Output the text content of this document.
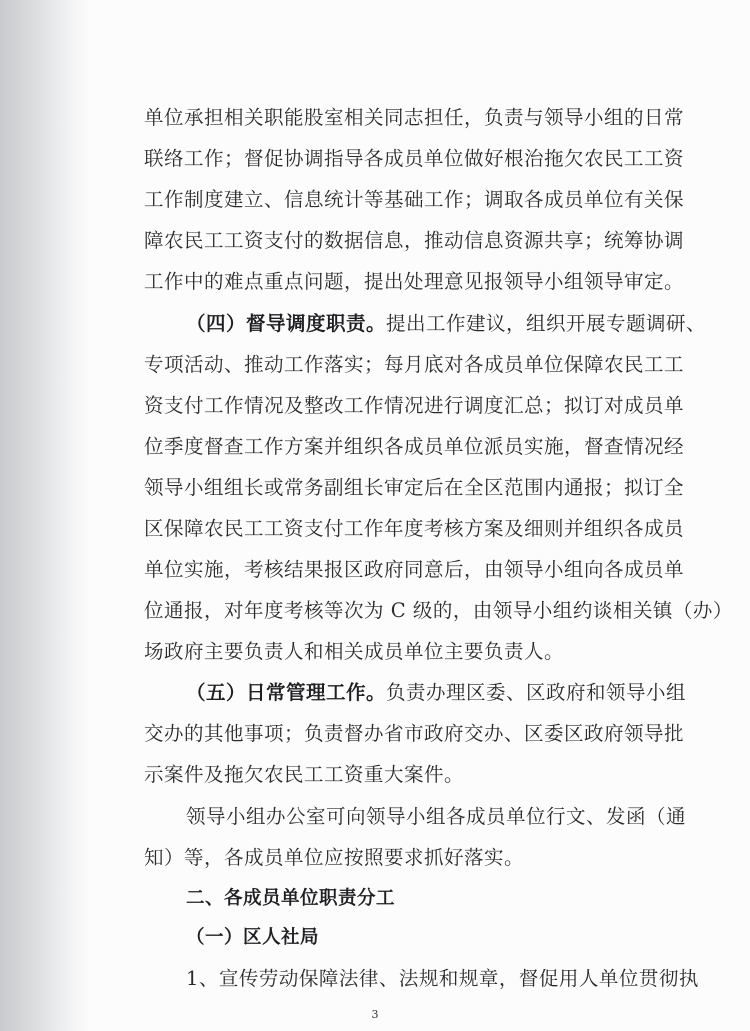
单位承担相关职能股室相关同志担任，负责与领导小组的日常
联络工作；督促协调指导各成员单位做好根治拖欠农民工工资
工作制度建立、信息统计等基础工作；调取各成员单位有关保
障农民工工资支付的数据信息，推动信息资源共享；统筹协调
工作中的难点重点问题，提出处理意见报领导小组领导审定。
（四）督导调度职责。提出工作建议，组织开展专题调研、
专项活动、推动工作落实；每月底对各成员单位保障农民工工
资支付工作情况及整改工作情况进行调度汇总；拟订对成员单
位季度督查工作方案并组织各成员单位派员实施，督查情况经
领导小组组长或常务副组长审定后在全区范围内通报；拟订全
区保障农民工工资支付工作年度考核方案及细则并组织各成员
单位实施，考核结果报区政府同意后，由领导小组向各成员单
位通报，对年度考核等次为 C 级的，由领导小组约谈相关镇（办）
场政府主要负责人和相关成员单位主要负责人。
（五）日常管理工作。负责办理区委、区政府和领导小组
交办的其他事项；负责督办省市政府交办、区委区政府领导批
示案件及拖欠农民工工资重大案件。
领导小组办公室可向领导小组各成员单位行文、发函（通
知）等，各成员单位应按照要求抓好落实。
二、各成员单位职责分工
（一）区人社局
1、宣传劳动保障法律、法规和规章，督促用人单位贯彻执
3
